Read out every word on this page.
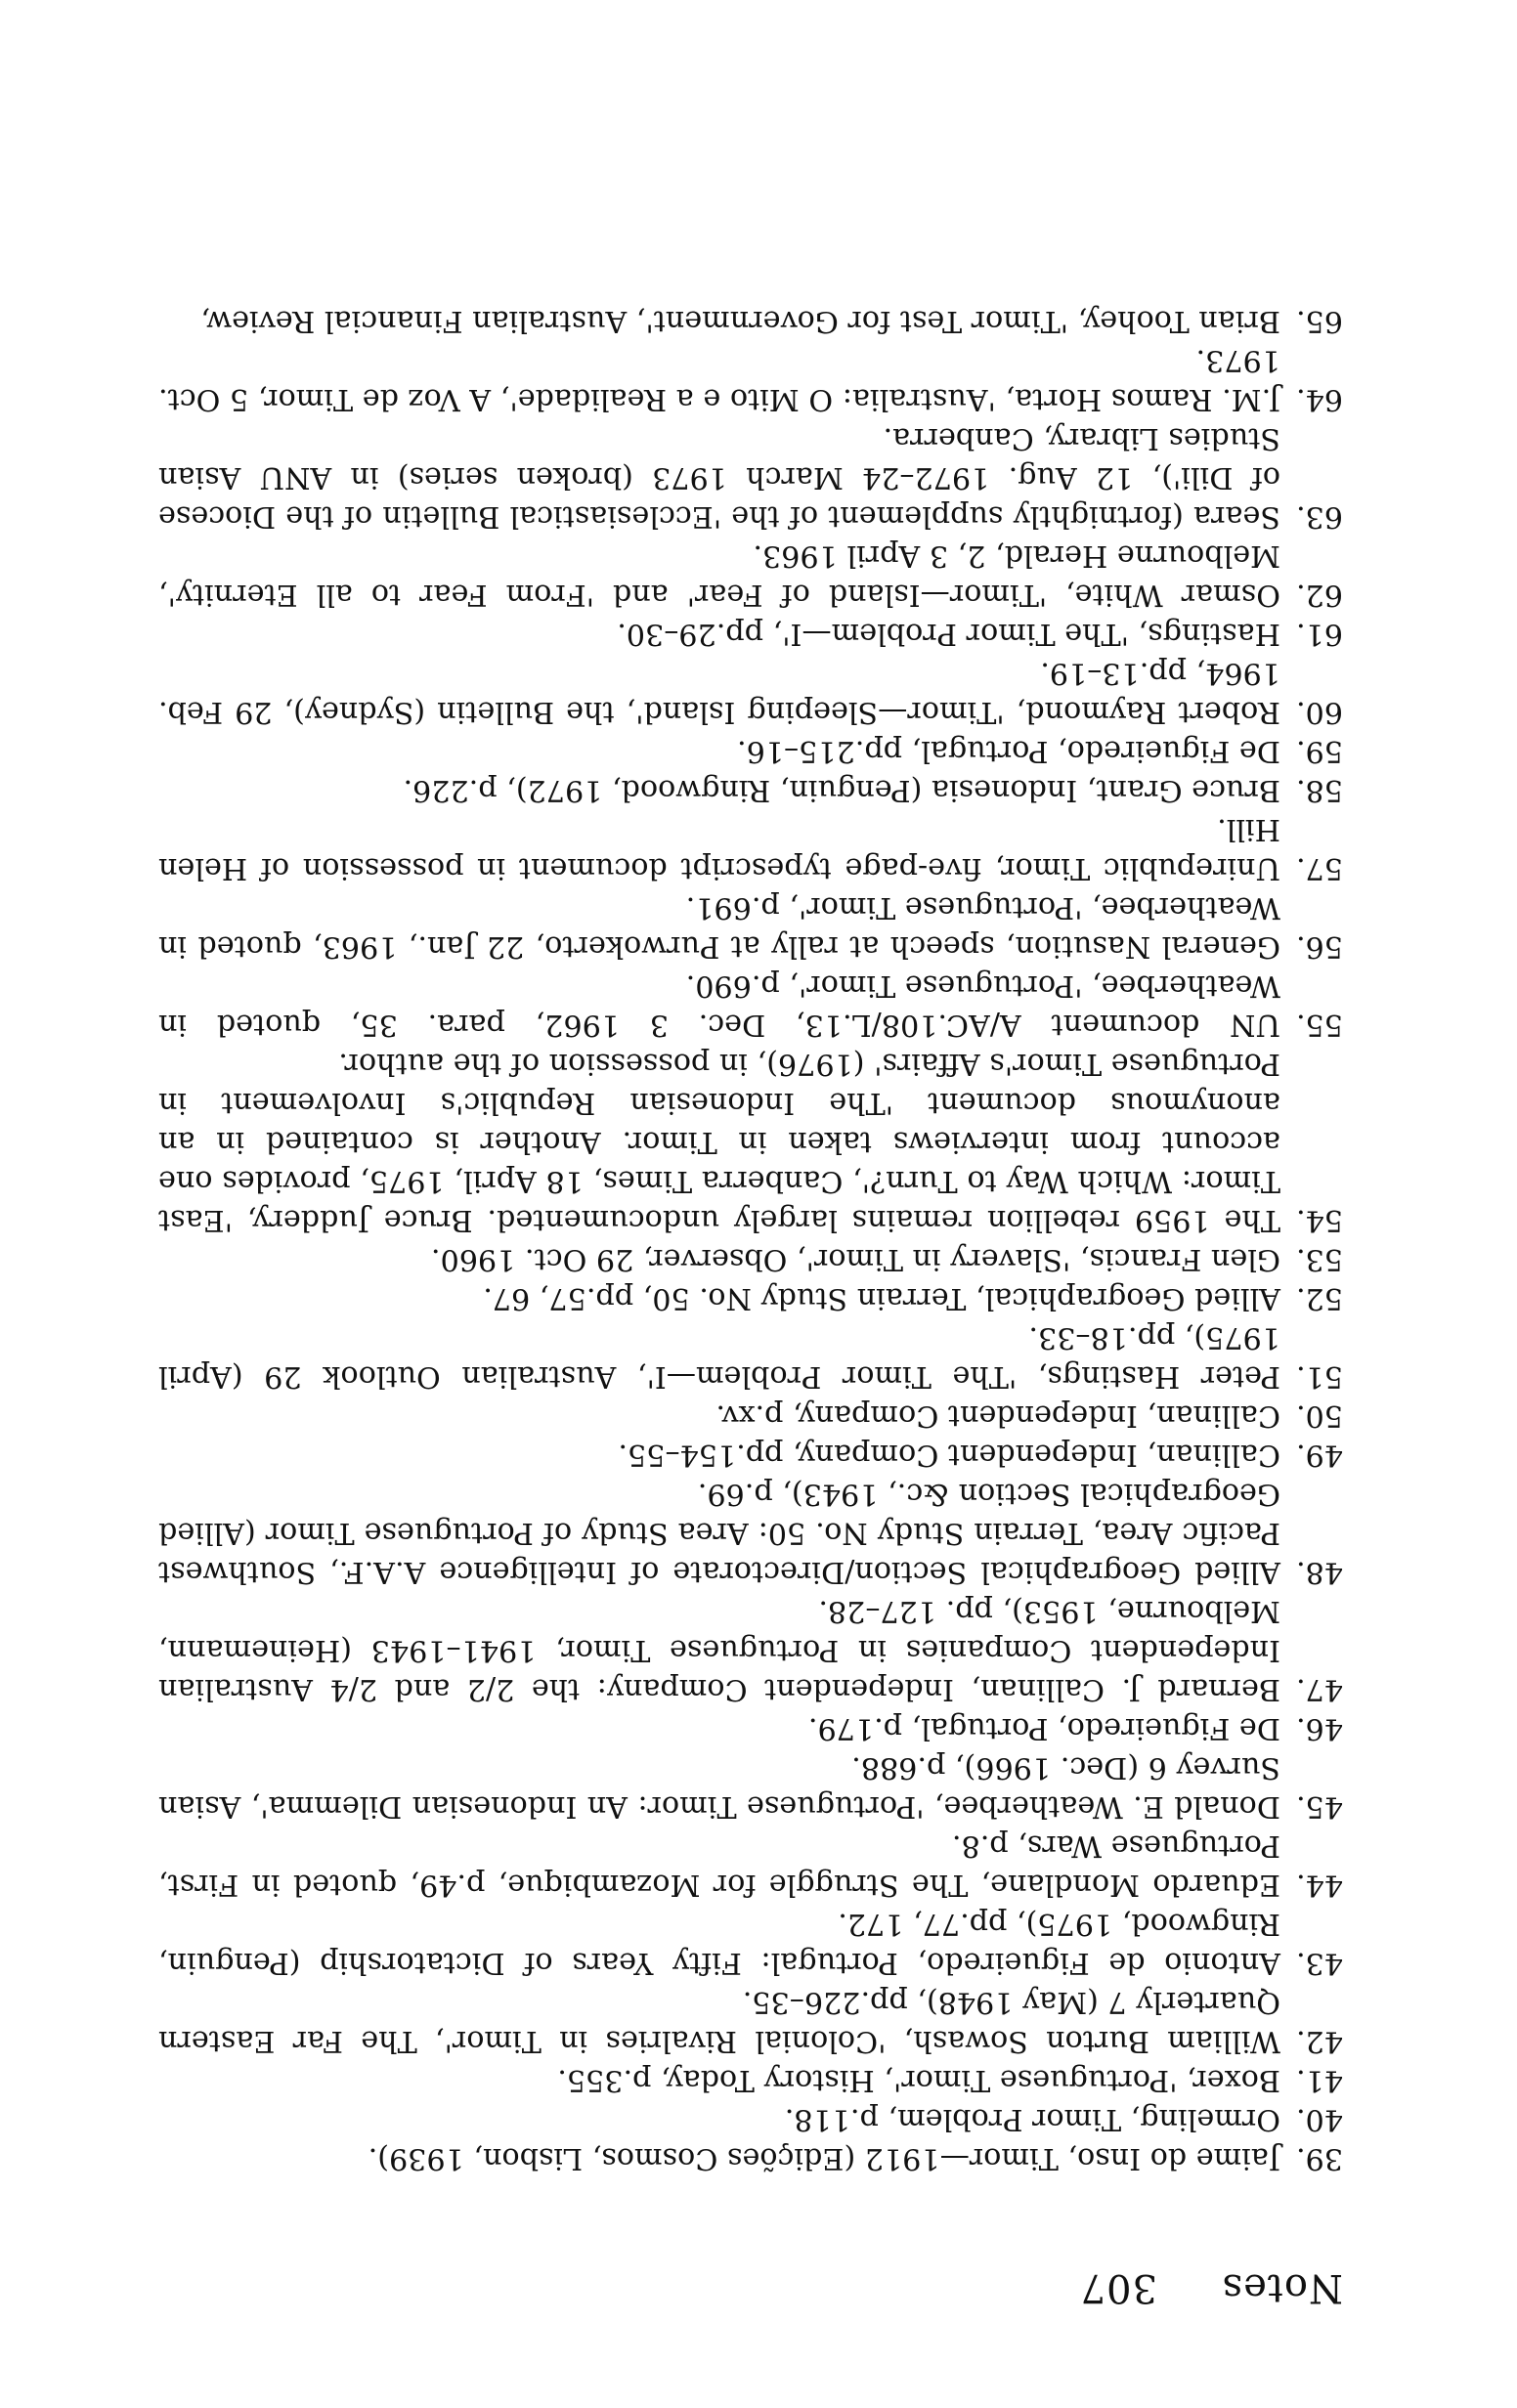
Notes
307

39.
Jaime do Inso, Timor—1912 (Edições Cosmos, Lisbon, 1939).

40.
Ormeling, Timor Problem, p.118.

41.
Boxer, 'Portuguese Timor', History Today, p.355.

42.
William Burton Sowash, 'Colonial Rivalries in Timor', The Far Eastern Quarterly 7 (May 1948), pp.226–35.

43.
Antonio de Figueiredo, Portugal: Fifty Years of Dictatorship (Penguin, Ringwood, 1975), pp.77, 172.

44.
Eduardo Mondlane, The Struggle for Mozambique, p.49, quoted in First, Portuguese Wars, p.8.

45.
Donald E. Weatherbee, 'Portuguese Timor: An Indonesian Dilemma', Asian Survey 6 (Dec. 1966), p.688.

46.
De Figueiredo, Portugal, p.179.

47.
Bernard J. Callinan, Independent Company: the 2/2 and 2/4 Australian Independent Companies in Portuguese Timor, 1941–1943 (Heinemann, Melbourne, 1953), pp. 127–28.

48.
Allied Geographical Section/Directorate of Intelligence A.A.F., Southwest Pacific Area, Terrain Study No. 50: Area Study of Portuguese Timor (Allied Geographical Section &c., 1943), p.69.

49.
Callinan, Independent Company, pp.154–55.

50.
Callinan, Independent Company, p.xv.

51.
Peter Hastings, 'The Timor Problem—I', Australian Outlook 29 (April 1975), pp.18–33.

52.
Allied Geographical, Terrain Study No. 50, pp.57, 67.

53.
Glen Francis, 'Slavery in Timor', Observer, 29 Oct. 1960.

54.
The 1959 rebellion remains largely undocumented. Bruce Juddery, 'East Timor: Which Way to Turn?', Canberra Times, 18 April, 1975, provides one account from interviews taken in Timor. Another is contained in an anonymous document 'The Indonesian Republic's Involvement in Portuguese Timor's Affairs' (1976), in possession of the author.

55.
UN document A/AC.108/L.13, Dec. 3 1962, para. 35, quoted in Weatherbee, 'Portuguese Timor', p.690.

56.
General Nasution, speech at rally at Purwokerto, 22 Jan., 1963, quoted in Weatherbee, 'Portuguese Timor', p.691.

57.
Unirepublic Timor, five-page typescript document in possession of Helen Hill.

58.
Bruce Grant, Indonesia (Penguin, Ringwood, 1972), p.226.

59.
De Figueiredo, Portugal, pp.215–16.

60.
Robert Raymond, 'Timor—Sleeping Island', the Bulletin (Sydney), 29 Feb. 1964, pp.13–19.

61.
Hastings, 'The Timor Problem—I', pp.29–30.

62.
Osmar White, 'Timor—Island of Fear' and 'From Fear to all Eternity', Melbourne Herald, 2, 3 April 1963.

63.
Seara (fortnightly supplement of the 'Ecclesiastical Bulletin of the Diocese of Dili'), 12 Aug. 1972–24 March 1973 (broken series) in ANU Asian Studies Library, Canberra.

64.
J.M. Ramos Horta, 'Australia: O Mito e a Realidade', A Voz de Timor, 5 Oct. 1973.

65.
Brian Toohey, 'Timor Test for Government', Australian Financial Review,
